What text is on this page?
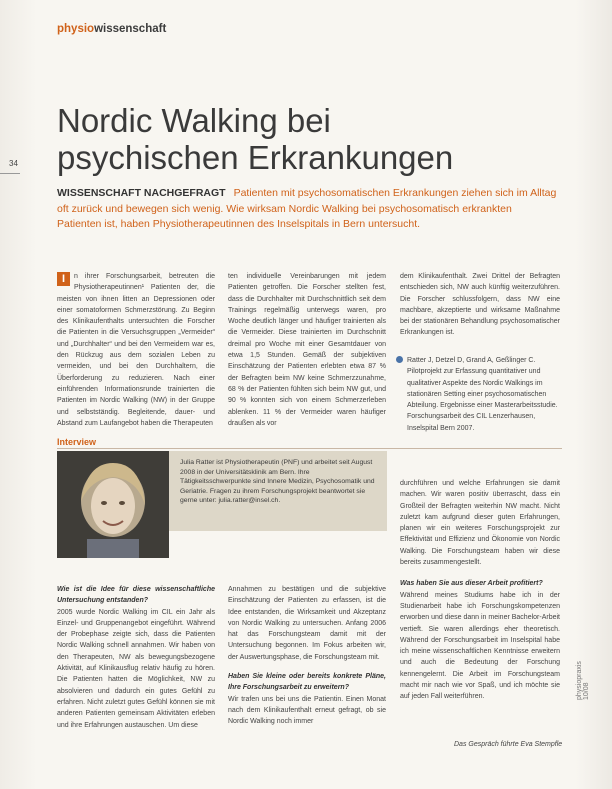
physiowissenschaft
34
Nordic Walking bei psychischen Erkrankungen
WISSENSCHAFT NACHGEFRAGT Patienten mit psychosomatischen Erkrankungen ziehen sich im Alltag oft zurück und bewegen sich wenig. Wie wirksam Nordic Walking bei psychosomatisch erkrankten Patienten ist, haben Physiotherapeutinnen des Inselspitals in Bern untersucht.
I	n ihrer Forschungsarbeit, betreuten die Physiotherapeutinnen¹ Patienten der, die meisten von ihnen litten an Depressionen oder einer somatoformen Schmerzstörung. Zu Beginn des Klinikaufenthalts untersuchten die Forscher die Patienten in die Versuchsgruppen „Vermeider“ und „Durchhalter“ und bei den Vermeidern war es, den Rückzug aus dem sozialen Leben zu vermeiden, und bei den Durchhaltern, die Überforderung zu reduzieren. Nach einer einführenden Informationsrunde trainierten die Patienten im Nordic Walking (NW) in der Gruppe und selbstständig. Begleitende, dauer- und Abstand zum Laufangebot haben die Therapeuten
ten individuelle Vereinbarungen mit jedem Patienten getroffen. Die Forscher stellten fest, dass die Durchhalter mit Durchschnittlich seit dem Trainings regelmäßig unterwegs waren, pro Woche deutlich länger und häufiger trainierten als die Vermeider. Diese trainierten im Durchschnitt dreimal pro Woche mit einer Gesamtdauer von etwa 1,5 Stunden. Gemäß der subjektiven Einschätzung der Patienten erlebten etwa 87 % der Befragten beim NW keine Schmerzzunahme, 68 % der Patienten fühlten sich beim NW gut, und 90 % konnten sich von einem Schmerzerleben ablenken. 11 % der Vermeider waren häufiger draußen als vor
dem Klinikaufenthalt. Zwei Drittel der Befragten entschieden sich, NW auch künftig weiterzuführen. Die Forscher schlussfolgern, dass NW eine machbare, akzeptierte und wirksame Maßnahme bei der stationären Behandlung psychosomatischer Erkrankungen ist.
Ratter J, Detzel D, Grand A, Geßlinger C. Pilotprojekt zur Erfassung quantitativer und qualitativer Aspekte des Nordic Walkings im stationären Setting einer psychosomatischen Abteilung. Ergebnisse einer Masterarbeitsstudie. Forschungsarbeit des CIL Lenzerhausen, Inselspital Bern 2007.
Interview
Julia Ratter ist Physiotherapeutin (PNF) und arbeitet seit August 2008 in der Universitätsklinik am Bern. Ihre Tätigkeitsschwerpunkte sind Innere Medizin, Psychosomatik und Geriatrie. Fragen zu ihrem Forschungsprojekt beantwortet sie gerne unter: julia.ratter@insel.ch.
Wie ist die Idee für diese wissenschaftliche Untersuchung entstanden?
2005 wurde Nordic Walking im CIL ein Jahr als Einzel- und Gruppenangebot eingeführt. Während der Probephase zeigte sich, dass die Patienten Nordic Walking schnell annahmen. Wir haben von den Therapeuten, NW als bewegungsbezogene Aktivität, auf Klinikausflug relativ häufig zu hören. Die Patienten hatten die Möglichkeit, NW zu absolvieren und dadurch ein gutes Gefühl zu erfahren. Nicht zuletzt gutes Gefühl können sie mit anderen Patienten gemeinsam Aktivitäten erleben und ihre Erfahrungen austauschen. Um diese
Annahmen zu bestätigen und die subjektive Einschätzung der Patienten zu erfassen, ist die Idee entstanden, die Wirksamkeit und Akzeptanz von Nordic Walking zu untersuchen. Anfang 2006 hat das Forschungsteam damit mit der Untersuchung begonnen. Im Fokus arbeiten wir, der Auswertungsphase, die Forschungsteam mit.
Haben Sie kleine oder bereits konkrete Pläne, Ihre Forschungsarbeit zu erweitern?
Wir trafen uns bei uns die Patientin. Einen Monat nach dem Klinikaufenthalt erneut gefragt, ob sie Nordic Walking noch immer
durchführen und welche Erfahrungen sie damit machen. Wir waren positiv überrascht, dass ein Großteil der Befragten weiterhin NW macht. Nicht zuletzt kam aufgrund dieser guten Erfahrungen, planen wir ein weiteres Forschungsprojekt zur Effektivität und Effizienz und Ökonomie von Nordic Walking. Die Forschungsteam haben wir diese bereits zusammengestellt.
Was haben Sie aus dieser Arbeit profitiert?
Während meines Studiums habe ich in der Studienarbeit habe ich Forschungskompetenzen erworben und diese dann in meiner Bachelor-Arbeit vertieft. Sie waren allerdings eher theoretisch. Während der Forschungsarbeit im Inselspital habe ich meine wissenschaftlichen Kenntnisse erweitern und auch die Bedeutung der Forschung kennengelernt. Die Arbeit im Forschungsteam macht mir nach wie vor Spaß, und ich möchte sie auf jeden Fall weiterführen.
Das Gespräch führte Eva Stempfle
physiopraxis 10/08
